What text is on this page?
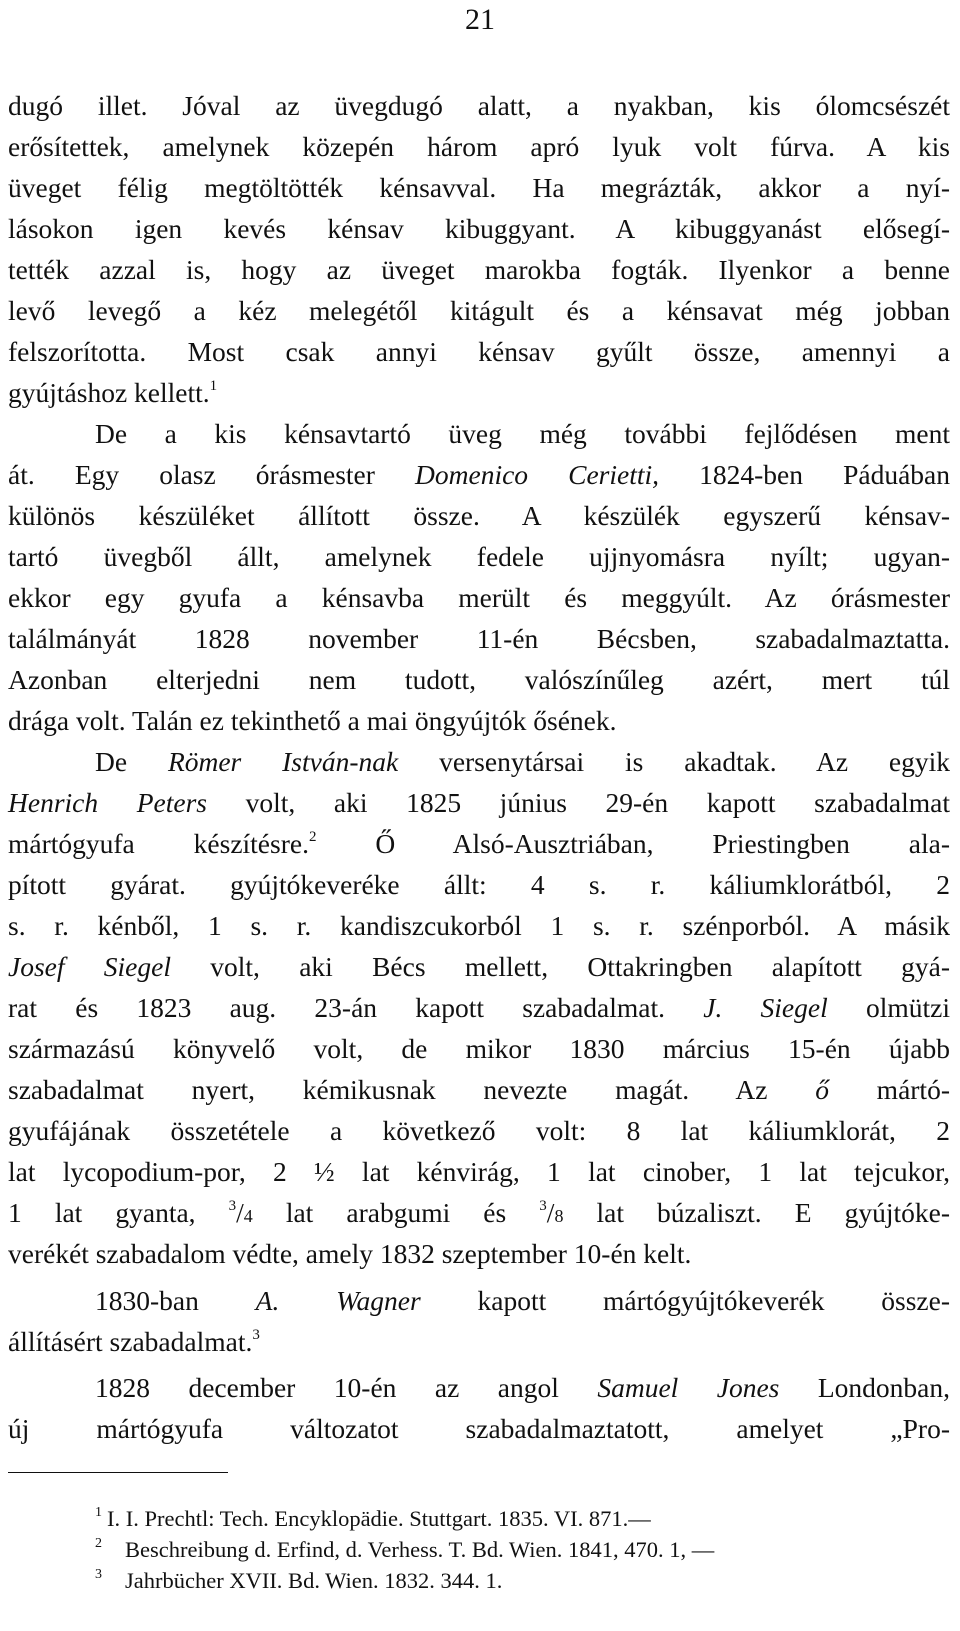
21
dugó illet. Jóval az üvegdugó alatt, a nyakban, kis ólomcsészét
erősítettek, amelynek közepén három apró lyuk volt fúrva. A kis
üveget félig megtöltötték kénsavval. Ha megrázták, akkor a nyí-
lásokon igen kevés kénsav kibuggyant. A kibuggyanást elősegí-
tették azzal is, hogy az üveget marokba fogták. Ilyenkor a benne
levő levegő a kéz melegétől kitágult és a kénsavat még jobban
felszorította. Most csak annyi kénsav gyűlt össze, amennyi a
gyújtáshoz kellett.$^1$
De a kis kénsavtartó üveg még további fejlődésen ment
át. Egy olasz órásmester Domenico Cerietti, 1824-ben Páduában
különös készüléket állított össze. A készülék egyszerű kénsav-
tartó üvegből állt, amelynek fedele ujjnyomásra nyílt; ugyan-
ekkor egy gyufa a kénsavba merült és meggyúlt. Az órásmester
találmányát 1828 november 11-én Bécsben, szabadalmaztatta.
Azonban elterjedni nem tudott, valószínűleg azért, mert túl
drága volt. Talán ez tekinthető a mai öngyújtók ősének.
De Römer István-nak versenytársai is akadtak. Az egyik
Henrich Peters volt, aki 1825 június 29-én kapott szabadalmat
mártógyufa készítésre.$^2$ Ő Alsó-Ausztriában, Priestingben ala-
pított gyárat. gyújtókeveréke állt: 4 s. r. káliumklorátból, 2
s. r. kénből, 1 s. r. kandiszcukorból 1 s. r. szénporból. A másik
Josef Siegel volt, aki Bécs mellett, Ottakringben alapított gyá-
rat és 1823 aug. 23-án kapott szabadalmat. J. Siegel olmützi
származású könyvelő volt, de mikor 1830 március 15-én újabb
szabadalmat nyert, kémikusnak nevezte magát. Az ő mártó-
gyufájának összetétele a következő volt: 8 lat káliumklorát, 2
lat lycopodium-por, 2 ½ lat kénvirág, 1 lat cinober, 1 lat tejcukor,
1 lat gyanta, $^3$/4 lat arabgumi és $^3$/8 lat búzaliszt. E gyújtóke-
verékét szabadalom védte, amely 1832 szeptember 10-én kelt.
1830-ban A. Wagner kapott mártógyújtókeverék össze-
állításért szabadalmat.$^3$
1828 december 10-én az angol Samuel Jones Londonban,
új mártógyufa változatot szabadalmaztatott, amelyet „Pro-
1 I. I. Prechtl: Tech. Encyklopädie. Stuttgart. 1835. VI. 871.—
2 Beschreibung d. Erfind, d. Verhess. T. Bd. Wien. 1841, 470. 1, —
3 Jahrbücher XVII. Bd. Wien. 1832. 344. 1.
